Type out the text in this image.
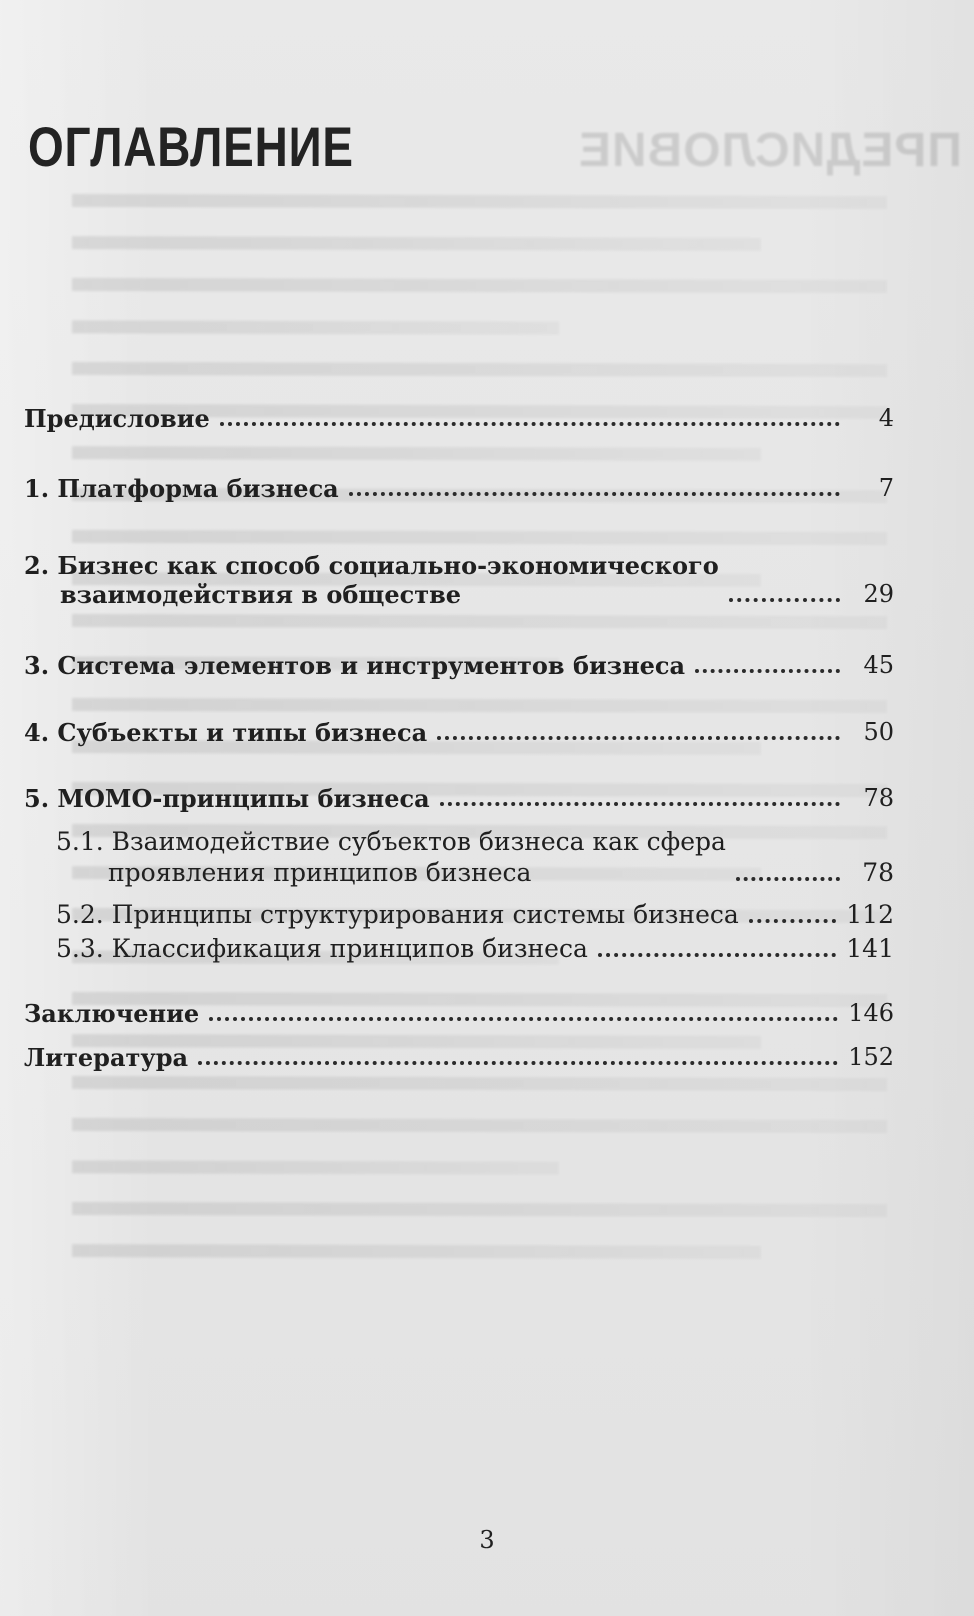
ПРЕДИСЛОВИЕ
ОГЛАВЛЕНИЕ
Предисловие	4
1. Платформа бизнеса	7
2. Бизнес как способ социально-экономического
взаимодействия в обществе	29
3. Система элементов и инструментов бизнеса	45
4. Субъекты и типы бизнеса	50
5. МОМО-принципы бизнеса	78
5.1. Взаимодействие субъектов бизнеса как сфера
проявления принципов бизнеса	78
5.2. Принципы структурирования системы бизнеса	112
5.3. Классификация принципов бизнеса	141
Заключение	146
Литература	152
3
